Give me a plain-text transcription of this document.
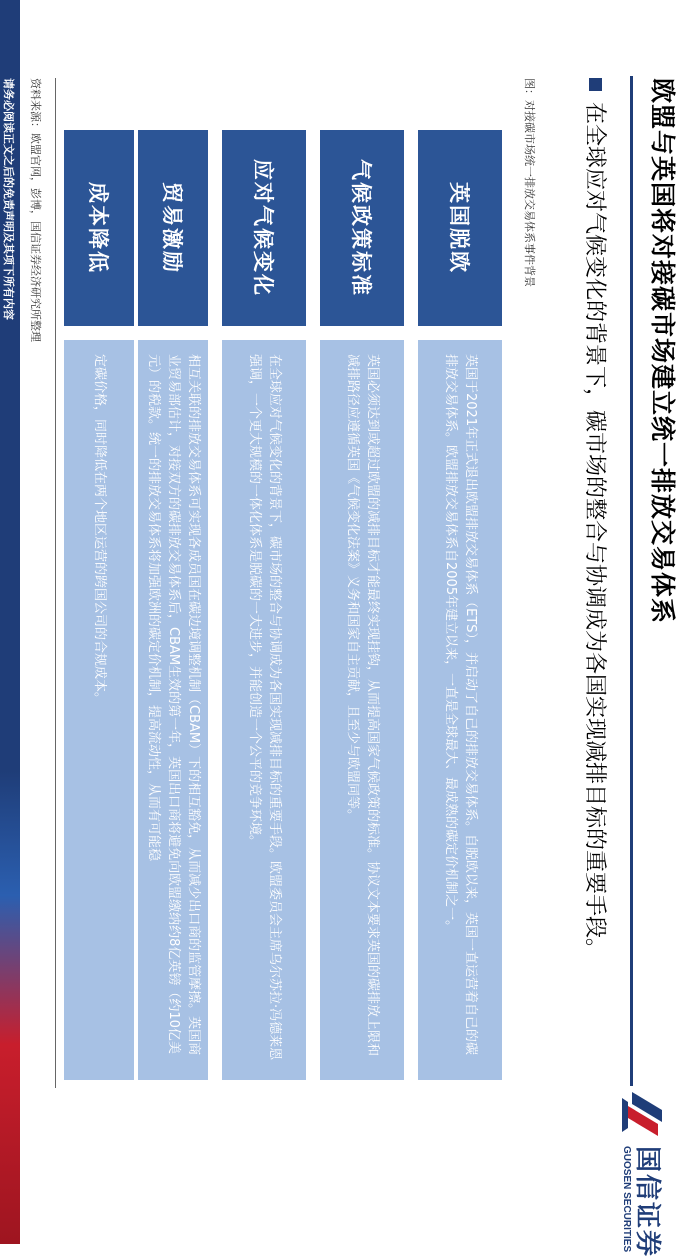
国信证券
GUOSEN SECURITIES
欧盟与英国将对接碳市场建立统一排放交易体系
在全球应对气候变化的背景下，碳市场的整合与协调成为各国实现减排目标的重要手段。
图：对接碳市场统一排放交易体系事件背景
英国脱欧
英国于2021年正式退出欧盟排放交易体系（ETS），并启动了自己的排放交易体系。自脱欧以来，英国一直运营着自己的碳排放交易体系。欧盟排放交易体系自2005年建立以来，一直是全球最大、最成熟的碳定价机制之一。
气候政策标准
英国必须达到或超过欧盟的减排目标才能最终实现挂钩，从而提高国家气候政策的标准。协议文本要求英国的碳排放上限和减排路径应遵循英国《气候变化法案》义务和国家自主贡献，且至少与欧盟同等。
应对气候变化
在全球应对气候变化的背景下，碳市场的整合与协调成为各国实现减排目标的重要手段。欧盟委员会主席乌尔苏拉·冯德莱恩强调，一个更大规模的一体化体系是脱碳的一大进步，并能创造一个公平的竞争环境。
贸易激励
相互关联的排放交易体系可实现各成员国在碳边境调整机制（CBAM）下的相互豁免，从而减少出口商的监管摩擦。英国商业贸易部估计，对接双方的碳排放交易体系后，CBAM生效的第一年，英国出口商将避免向欧盟缴纳约8亿英镑（约10亿美元）的税款。统一的排放交易体系将加强欧洲的碳定价机制，提高流动性，从而有可能稳
成本降低
定碳价格，同时降低在两个地区运营的跨国公司的合规成本。
资料来源：欧盟官网，彭博，国信证券经济研究所整理
请务必阅读正文之后的免责声明及其项下所有内容
